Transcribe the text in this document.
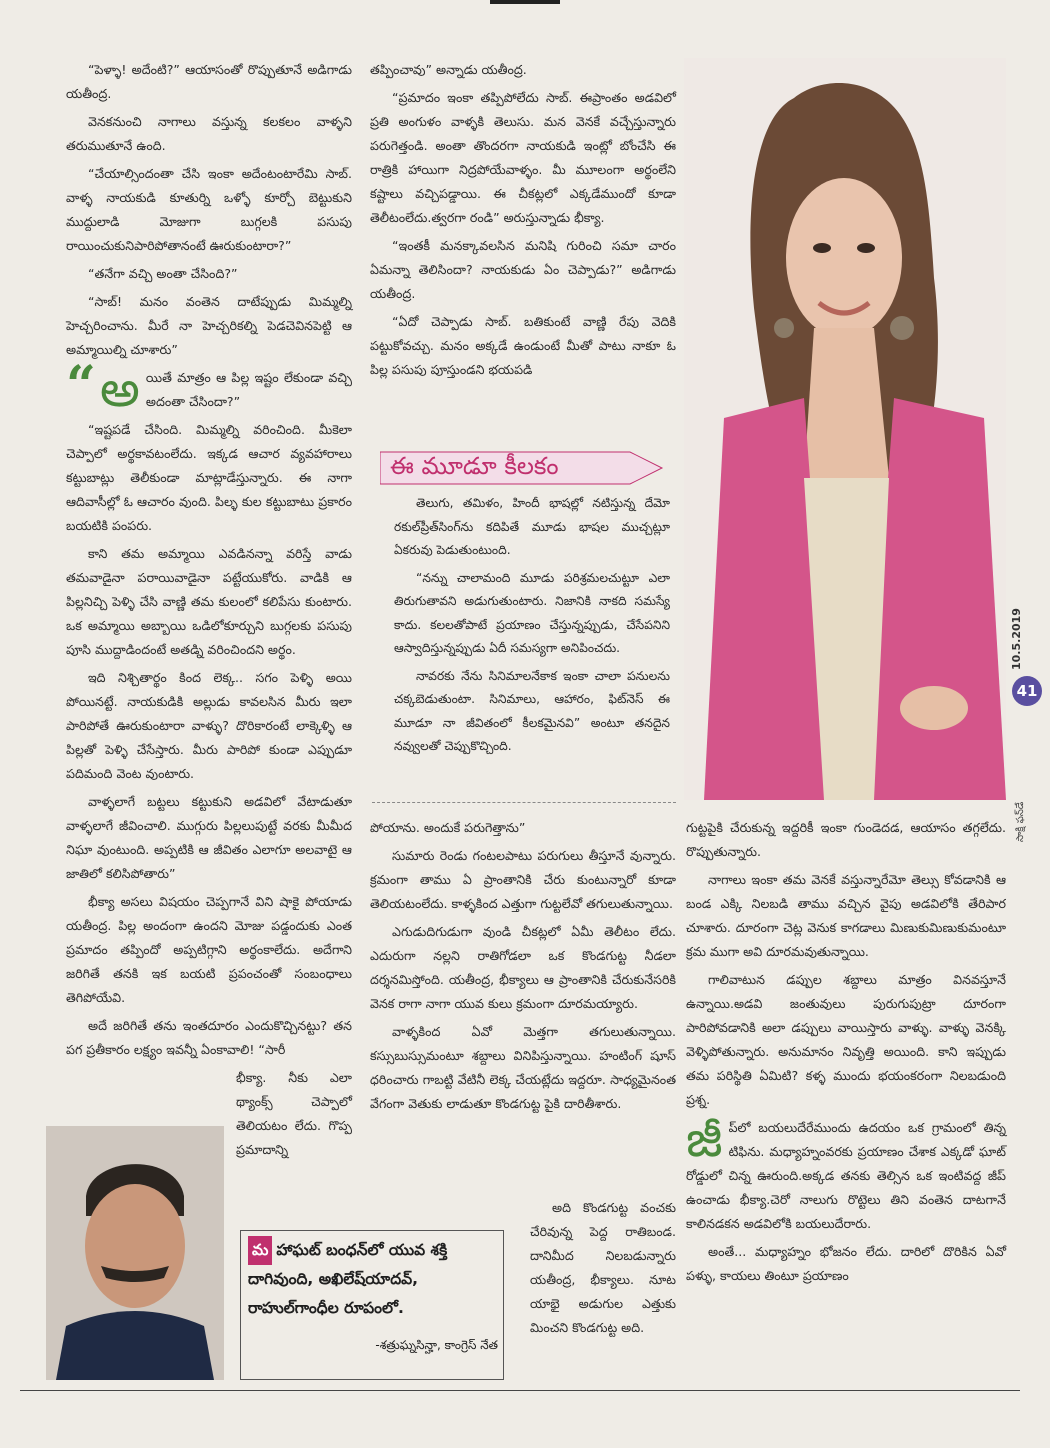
“పెళ్ళా! అదేంటి?” ఆయాసంతో రొప్పుతూనే అడిగాడు యతీంద్ర.

వెనకనుంచి నాగాలు వస్తున్న కలకలం వాళ్ళని తరుముతూనే ఉంది.

“చేయాల్సిందంతా చేసి ఇంకా అదేంటంటారేమి సాబ్. వాళ్ళ నాయకుడి కూతుర్ని ఒళ్ళో కూర్చో బెట్టుకుని ముద్దులాడి మోజుగా బుగ్గలకి పసుపు రాయించుకునిపారిపోతానంటే ఊరుకుంటారా?”

“తనేగా వచ్చి అంతా చేసింది?”

“సాబ్! మనం వంతెన దాటేప్పుడు మిమ్మల్ని హెచ్చరించాను. మీరే నా హెచ్చరికల్ని పెడచెవినపెట్టి ఆ అమ్మాయిల్ని చూశారు”

“ అ యితే మాత్రం ఆ పిల్ల ఇష్టం లేకుండా వచ్చి అదంతా చేసిందా?”

“ఇష్టపడే చేసింది. మిమ్మల్ని వరించింది. మీకెలా చెప్పాలో అర్థకావటంలేదు. ఇక్కడ ఆచార వ్యవహారాలు కట్టుబాట్లు తెలీకుండా మాట్లాడేస్తున్నారు. ఈ నాగా ఆదివాసీల్లో ఓ ఆచారం వుంది. పిల్ళ కుల కట్టుబాటు ప్రకారం బయటికి పంపరు.

కాని తమ అమ్మాయి ఎవడినన్నా వరిస్తే వాడు తమవాడైనా పరాయివాడైనా పట్టేయుకోరు. వాడికి ఆ పిల్లనిచ్చి పెళ్ళి చేసి వాణ్ణి తమ కులంలో కలిపేసు కుంటారు. ఒక అమ్మాయి అబ్బాయి ఒడిలోకూర్చుని బుగ్గలకు పసుపు పూసి ముద్దాడిందంటే అతడ్ని వరించిందని అర్థం.

ఇది నిశ్చితార్థం కింద లెక్క.. సగం పెళ్ళి అయి పోయినట్టే. నాయకుడికి అల్లుడు కావలసిన మీరు ఇలా పారిపోతే ఊరుకుంటారా వాళ్ళు? దొరికారంటే లాక్కెళ్ళి ఆ పిల్లతో పెళ్ళి చేసేస్తారు. మీరు పారిపో కుండా ఎప్పుడూ పదిమంది వెంట వుంటారు.

వాళ్ళలాగే బట్టలు కట్టుకుని అడవిలో వేటాడుతూ వాళ్ళలాగే జీవించాలి. ముగ్గురు పిల్లలుపుట్టే వరకు మీమీద నిఘా వుంటుంది. అప్పటికి ఆ జీవితం ఎలాగూ అలవాటై ఆ జాతిలో కలిసిపోతారు”

భీక్యా అసలు విషయం చెప్పగానే విని షాకై పోయాడు యతీంద్ర. పిల్ల అందంగా ఉందని మోజు పడ్డందుకు ఎంత ప్రమాదం తప్పిందో అప్పటిగ్గాని అర్థంకాలేదు. అదేగాని జరిగితే తనకి ఇక బయటి ప్రపంచంతో సంబంధాలు తెగిపోయేవి.

అదే జరిగితే తను ఇంతదూరం ఎందుకొచ్చినట్టు? తన పగ ప్రతీకారం లక్ష్యం ఇవన్నీ ఏంకావాలి! “సారీ

భీక్యా. నీకు ఎలా థ్యాంక్స్ చెప్పాలో తెలియటం లేదు. గొప్ప ప్రమాదాన్ని

తప్పించావు” అన్నాడు యతీంద్ర.

“ప్రమాదం ఇంకా తప్పిపోలేదు సాబ్. ఈప్రాంతం అడవిలో ప్రతి అంగుళం వాళ్ళకి తెలుసు. మన వెనకే వచ్చేస్తున్నారు పరుగెత్తండి. అంతా తొందరగా నాయకుడి ఇంట్లో బోంచేసి ఈ రాత్రికి హాయిగా నిద్రపోయేవాళ్ళం. మీ మూలంగా అర్థంలేని కష్టాలు వచ్చిపడ్డాయి. ఈ చీకట్లలో ఎక్కడేముందో కూడా తెలీటంలేదు.త్వరగా రండి” అరుస్తున్నాడు భీక్యా.

“ఇంతకీ మనక్కావలసిన మనిషి గురించి సమా చారం ఏమన్నా తెలిసిందా? నాయకుడు ఏం చెప్పాడు?” అడిగాడు యతీంద్ర.

“ఏదో చెప్పాడు సాబ్. బతికుంటే వాణ్ణి రేపు వెదికి పట్టుకోవచ్చు. మనం అక్కడే ఉండుంటే మీతో పాటు నాకూ ఓ పిల్ల పసుపు పూస్తుండని భయపడి

ఈ మూడూ కీలకం

తెలుగు, తమిళం, హిందీ భాషల్లో నటిస్తున్న దేమో రకుల్‌ప్రీత్‌సింగ్‌ను కదిపితే మూడు భాషల ముచ్చట్లూ ఏకరువు పెడుతుంటుంది.

“నన్ను చాలామంది మూడు పరిశ్రమలచుట్టూ ఎలా తిరుగుతావని అడుగుతుంటారు. నిజానికి నాకది సమస్యే కాదు. కలలతోపాటే ప్రయాణం చేస్తున్నప్పుడు, చేసేపనిని ఆస్వాదిస్తున్నప్పుడు ఏదీ సమస్యగా అనిపించదు.

నావరకు నేను సినిమాలనేకాక ఇంకా చాలా పనులను చక్కబెడుతుంటా. సినిమాలు, ఆహారం, ఫిట్‌నెస్ ఈ మూడూ నా జీవితంలో కీలకమైనవి” అంటూ తనదైన నవ్వులతో చెప్పుకొచ్చింది.

10.5.2019
41
సాక్షి ఫన్‌డే

పోయాను. అందుకే పరుగెత్తాను”

సుమారు రెండు గంటలపాటు పరుగులు తీస్తూనే వున్నారు. క్రమంగా తాము ఏ ప్రాంతానికి చేరు కుంటున్నారో కూడా తెలియటంలేదు. కాళ్ళకింద ఎత్తుగా గుట్టలేవో తగులుతున్నాయి.

ఎగుడుదిగుడుగా వుండి చీకట్లలో ఏమీ తెలీటం లేదు. ఎదురుగా నల్లని రాతిగోడలా ఒక కొండగుట్ట నీడలా దర్శనమిస్తోంది. యతీంద్ర, భీక్యాలు ఆ ప్రాంతానికి చేరుకునేసరికి వెనక రాగా నాగా యువ కులు క్రమంగా దూరమయ్యారు.

వాళ్ళకింద ఏవో మెత్తగా తగులుతున్నాయి. కస్సుబుస్సుమంటూ శబ్దాలు వినిపిస్తున్నాయి. హంటింగ్ షూస్ ధరించారు గాబట్టి వేటినీ లెక్క చేయట్లేదు ఇద్దరూ. సాధ్యమైనంత వేగంగా వెతుకు లాడుతూ కొండగుట్ట పైకి దారితీశారు.

అది కొండగుట్ట వంచకు చేరివున్న పెద్ద రాతిబండ. దానిమీద నిలబడున్నారు యతీంద్ర, భీక్యాలు. నూట యాభై అడుగుల ఎత్తుకు మించని కొండగుట్ట అది.

గుట్టపైకి చేరుకున్న ఇద్దరికీ ఇంకా గుండెదడ, ఆయాసం తగ్గలేదు. రొప్పుతున్నారు.

నాగాలు ఇంకా తమ వెనకే వస్తున్నారేమో తెల్సు కోవడానికి ఆ బండ ఎక్కి నిలబడి తాము వచ్చిన వైపు అడవిలోకి తేరిపార చూశారు. దూరంగా చెట్ల వెనుక కాగడాలు మిణుకుమిణుకుమంటూ క్రమ ముగా అవి దూరమవుతున్నాయి.

గాలివాటున డప్పుల శబ్దాలు మాత్రం వినవస్తూనే ఉన్నాయి.అడవి జంతువులు పురుగుపుట్రా దూరంగా పారిపోవడానికి అలా డప్పులు వాయిస్తారు వాళ్ళు. వాళ్ళు వెనక్కి వెళ్ళిపోతున్నారు. అనుమానం నివృత్తి అయింది. కాని ఇప్పుడు తమ పరిస్థితి ఏమిటి? కళ్ళ ముందు భయంకరంగా నిలబడుంది ప్రశ్న.

జీ ప్‌లో బయలుదేరేముందు ఉదయం ఒక గ్రామంలో తిన్న టిఫిను. మధ్యాహ్నంవరకు ప్రయాణం చేశాక ఎక్కడో ఘాట్ రోడ్డులో చిన్న ఊరుంది.అక్కడ తనకు తెల్సిన ఒక ఇంటివద్ద జీప్ ఉంచాడు భీక్యా.చెరో నాలుగు రొట్టెలు తిని వంతెన దాటగానే కాలినడకన అడవిలోకి బయలుదేరారు.

అంతే... మధ్యాహ్నం భోజనం లేదు. దారిలో దొరికిన ఏవో పళ్ళు, కాయలు తింటూ ప్రయాణం

మ హాఘట్ బంధన్‌లో యువ శక్తి దాగివుంది, అఖిలేష్‌యాదవ్, రాహుల్‌గాంధీల రూపంలో.
-శత్రుఘ్నసిన్హా, కాంగ్రెస్ నేత
